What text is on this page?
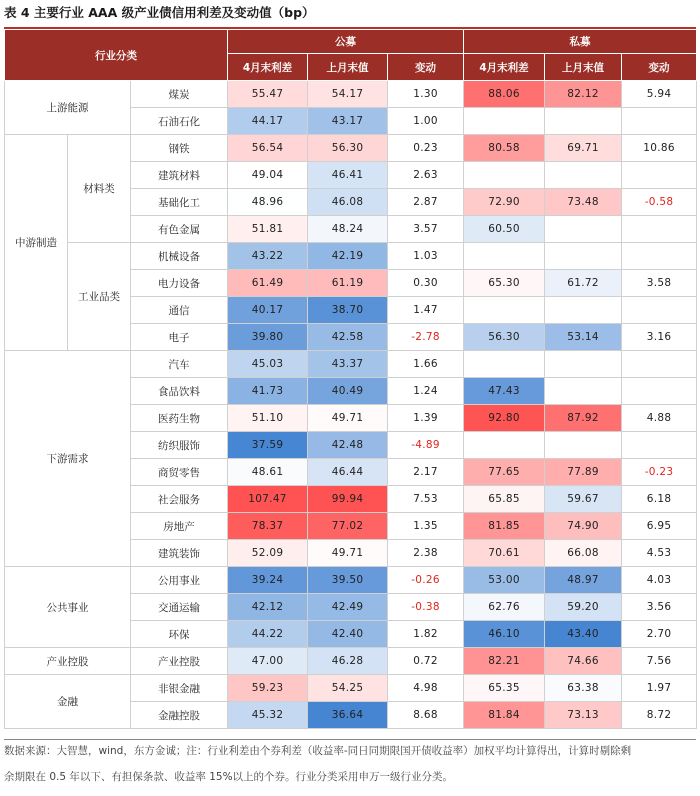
表 4 主要行业 AAA 级产业债信用利差及变动值（bp）
行业分类			公募			私募		
			4月末利差	上月末值	变动	4月末利差	上月末值	变动
上游能源		煤炭	55.47	54.17	1.30	88.06	82.12	5.94
		石油石化	44.17	43.17	1.00			
中游制造	材料类	钢铁	56.54	56.30	0.23	80.58	69.71	10.86
		建筑材料	49.04	46.41	2.63			
		基础化工	48.96	46.08	2.87	72.90	73.48	-0.58
		有色金属	51.81	48.24	3.57	60.50		
	工业品类	机械设备	43.22	42.19	1.03			
		电力设备	61.49	61.19	0.30	65.30	61.72	3.58
		通信	40.17	38.70	1.47			
		电子	39.80	42.58	-2.78	56.30	53.14	3.16
下游需求		汽车	45.03	43.37	1.66			
		食品饮料	41.73	40.49	1.24	47.43		
		医药生物	51.10	49.71	1.39	92.80	87.92	4.88
		纺织服饰	37.59	42.48	-4.89			
		商贸零售	48.61	46.44	2.17	77.65	77.89	-0.23
		社会服务	107.47	99.94	7.53	65.85	59.67	6.18
		房地产	78.37	77.02	1.35	81.85	74.90	6.95
		建筑装饰	52.09	49.71	2.38	70.61	66.08	4.53
公共事业		公用事业	39.24	39.50	-0.26	53.00	48.97	4.03
		交通运输	42.12	42.49	-0.38	62.76	59.20	3.56
		环保	44.22	42.40	1.82	46.10	43.40	2.70
产业控股		产业控股	47.00	46.28	0.72	82.21	74.66	7.56
金融		非银金融	59.23	54.25	4.98	65.35	63.38	1.97
		金融控股	45.32	36.64	8.68	81.84	73.13	8.72
数据来源：大智慧，wind，东方金诚；注：行业利差由个券利差（收益率-同日同期限国开债收益率）加权平均计算得出，计算时剔除剩
余期限在 0.5 年以下、有担保条款、收益率 15%以上的个券。行业分类采用申万一级行业分类。
